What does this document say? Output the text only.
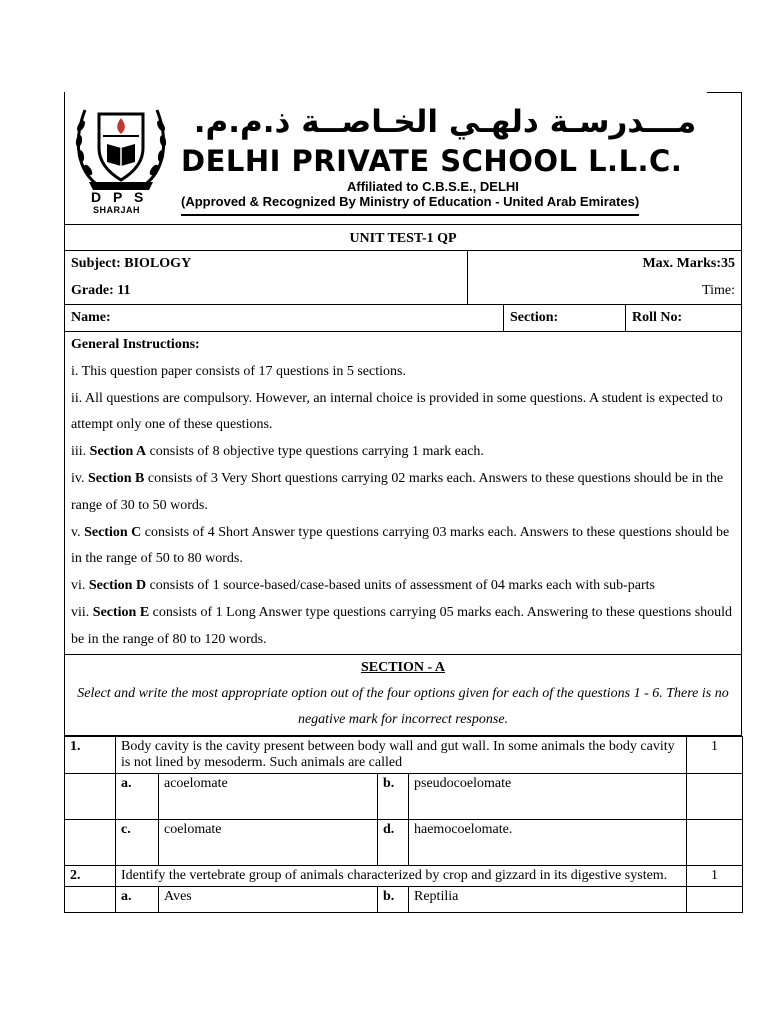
D P S
SHARJAH
مـــدرسـة دلهـي الخـاصــة ذ.م.م.
DELHI PRIVATE SCHOOL L.L.C.
Affiliated to C.B.S.E., DELHI
(Approved & Recognized By Ministry of Education - United Arab Emirates)
UNIT TEST-1 QP
Subject: BIOLOGY
Grade: 11
Max. Marks:35
Time:
Name:	Section:	Roll No:
General Instructions:
i. This question paper consists of 17 questions in 5 sections.
ii. All questions are compulsory. However, an internal choice is provided in some questions. A student is expected to attempt only one of these questions.
iii. Section A consists of 8 objective type questions carrying 1 mark each.
iv. Section B consists of 3 Very Short questions carrying 02 marks each. Answers to these questions should be in the range of 30 to 50 words.
v. Section C consists of 4 Short Answer type questions carrying 03 marks each. Answers to these questions should be in the range of 50 to 80 words.
vi. Section D consists of 1 source-based/case-based units of assessment of 04 marks each with sub-parts
vii. Section E consists of 1 Long Answer type questions carrying 05 marks each. Answering to these questions should be in the range of 80 to 120 words.
SECTION - A
Select and write the most appropriate option out of the four options given for each of the questions 1 - 6. There is no negative mark for incorrect response.
1.	Body cavity is the cavity present between body wall and gut wall. In some animals the body cavity is not lined by mesoderm. Such animals are called				1
	a.	acoelomate	b.	pseudocoelomate	
	c.	coelomate	d.	haemocoelomate.	
2.	Identify the vertebrate group of animals characterized by crop and gizzard in its digestive system.				1
	a.	Aves	b.	Reptilia	
